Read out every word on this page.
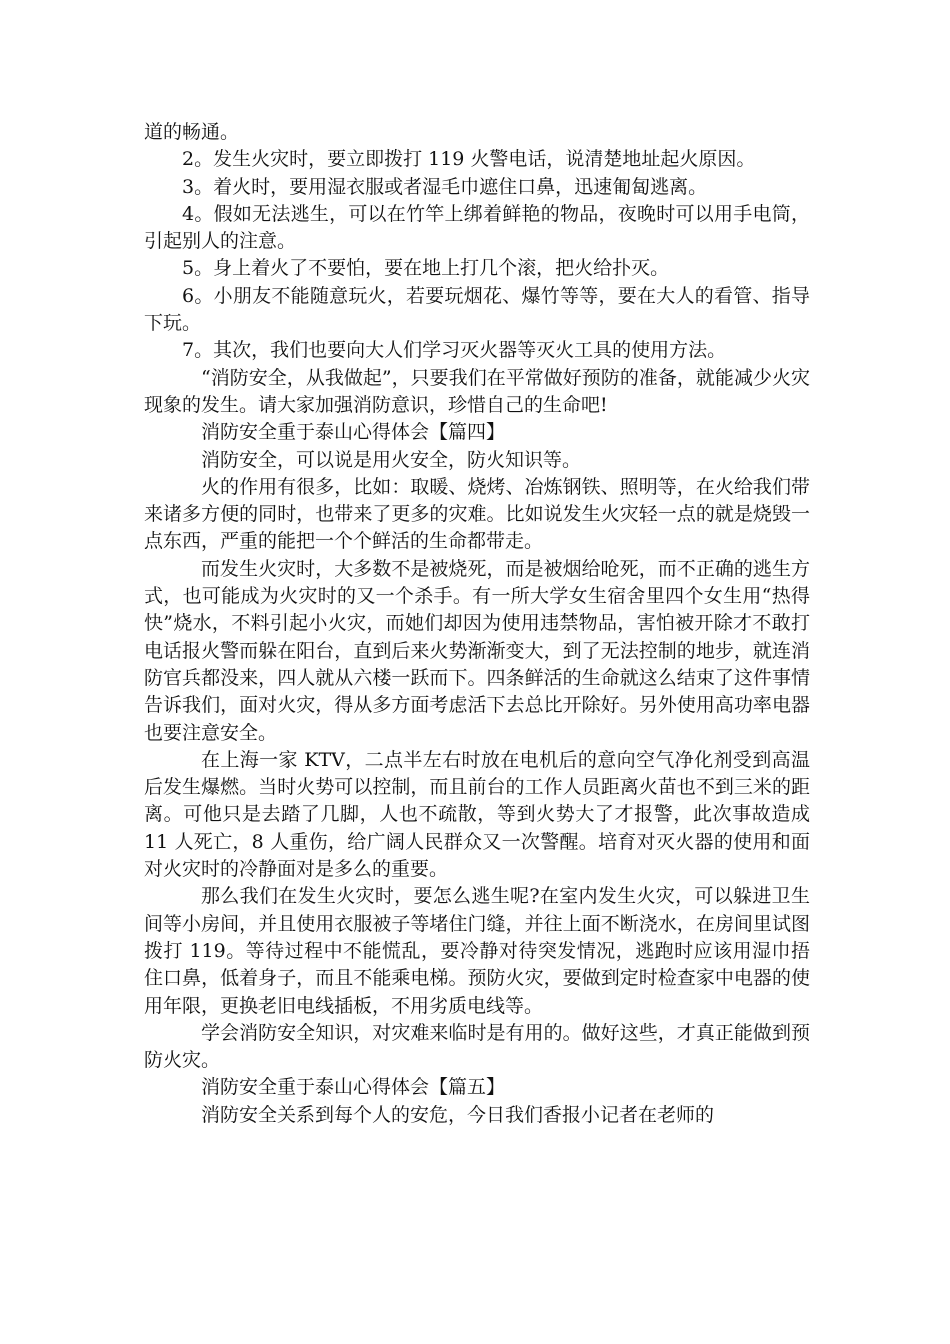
道的畅通。

2。发生火灾时，要立即拨打 119 火警电话，说清楚地址起火原因。

3。着火时，要用湿衣服或者湿毛巾遮住口鼻，迅速匍匐逃离。

4。假如无法逃生，可以在竹竿上绑着鲜艳的物品，夜晚时可以用手电筒，引起别人的注意。

5。身上着火了不要怕，要在地上打几个滚，把火给扑灭。

6。小朋友不能随意玩火，若要玩烟花、爆竹等等，要在大人的看管、指导下玩。

7。其次，我们也要向大人们学习灭火器等灭火工具的使用方法。

“消防安全，从我做起”，只要我们在平常做好预防的准备，就能减少火灾现象的发生。请大家加强消防意识，珍惜自己的生命吧!

消防安全重于泰山心得体会【篇四】

消防安全，可以说是用火安全，防火知识等。

火的作用有很多，比如：取暖、烧烤、冶炼钢铁、照明等，在火给我们带来诸多方便的同时，也带来了更多的灾难。比如说发生火灾轻一点的就是烧毁一点东西，严重的能把一个个鲜活的生命都带走。

而发生火灾时，大多数不是被烧死，而是被烟给呛死，而不正确的逃生方式，也可能成为火灾时的又一个杀手。有一所大学女生宿舍里四个女生用“热得快”烧水，不料引起小火灾，而她们却因为使用违禁物品，害怕被开除才不敢打电话报火警而躲在阳台，直到后来火势渐渐变大，到了无法控制的地步，就连消防官兵都没来，四人就从六楼一跃而下。四条鲜活的生命就这么结束了这件事情告诉我们，面对火灾，得从多方面考虑活下去总比开除好。另外使用高功率电器也要注意安全。

在上海一家 KTV，二点半左右时放在电机后的意向空气净化剂受到高温后发生爆燃。当时火势可以控制，而且前台的工作人员距离火苗也不到三米的距离。可他只是去踏了几脚，人也不疏散，等到火势大了才报警，此次事故造成 11 人死亡，8 人重伤，给广阔人民群众又一次警醒。培育对灭火器的使用和面对火灾时的冷静面对是多么的重要。

那么我们在发生火灾时，要怎么逃生呢?在室内发生火灾，可以躲进卫生间等小房间，并且使用衣服被子等堵住门缝，并往上面不断浇水，在房间里试图拨打 119。等待过程中不能慌乱，要冷静对待突发情况，逃跑时应该用湿巾捂住口鼻，低着身子，而且不能乘电梯。预防火灾，要做到定时检查家中电器的使用年限，更换老旧电线插板，不用劣质电线等。

学会消防安全知识，对灾难来临时是有用的。做好这些，才真正能做到预防火灾。

消防安全重于泰山心得体会【篇五】

消防安全关系到每个人的安危，今日我们香报小记者在老师的
